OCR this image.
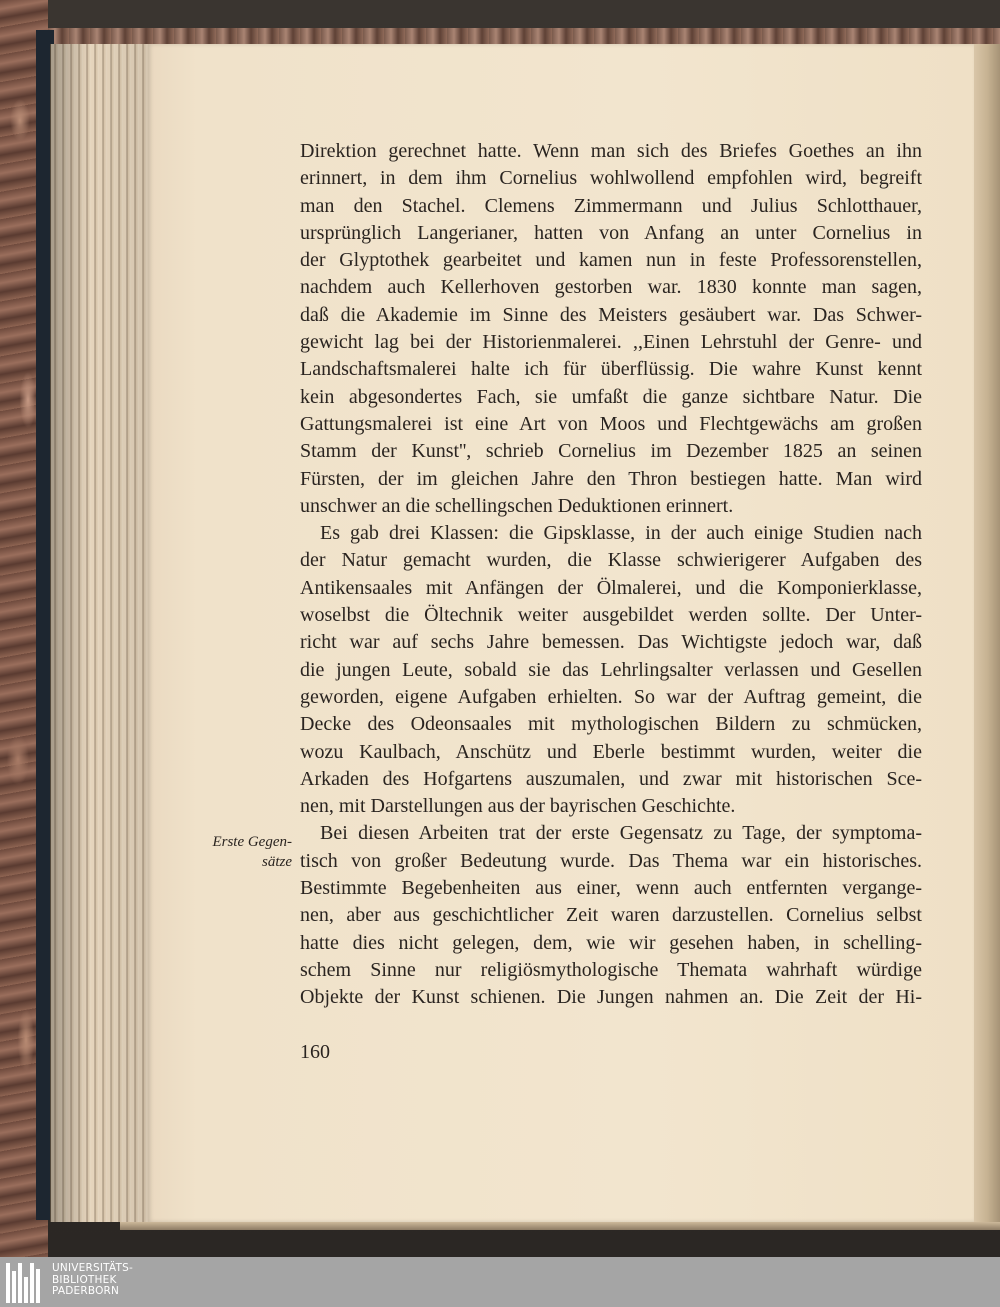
Erste Gegen-
sätze
Direktion gerechnet hatte. Wenn man sich des Briefes Goethes an ihn
erinnert, in dem ihm Cornelius wohlwollend empfohlen wird, begreift
man den Stachel. Clemens Zimmermann und Julius Schlotthauer,
ursprünglich Langerianer, hatten von Anfang an unter Cornelius in
der Glyptothek gearbeitet und kamen nun in feste Professorenstellen,
nachdem auch Kellerhoven gestorben war. 1830 konnte man sagen,
daß die Akademie im Sinne des Meisters gesäubert war. Das Schwer-
gewicht lag bei der Historienmalerei. ,,Einen Lehrstuhl der Genre- und
Landschaftsmalerei halte ich für überflüssig. Die wahre Kunst kennt
kein abgesondertes Fach, sie umfaßt die ganze sichtbare Natur. Die
Gattungsmalerei ist eine Art von Moos und Flechtgewächs am großen
Stamm der Kunst'', schrieb Cornelius im Dezember 1825 an seinen
Fürsten, der im gleichen Jahre den Thron bestiegen hatte. Man wird
unschwer an die schellingschen Deduktionen erinnert.
Es gab drei Klassen: die Gipsklasse, in der auch einige Studien nach
der Natur gemacht wurden, die Klasse schwierigerer Aufgaben des
Antikensaales mit Anfängen der Ölmalerei, und die Komponierklasse,
woselbst die Öltechnik weiter ausgebildet werden sollte. Der Unter-
richt war auf sechs Jahre bemessen. Das Wichtigste jedoch war, daß
die jungen Leute, sobald sie das Lehrlingsalter verlassen und Gesellen
geworden, eigene Aufgaben erhielten. So war der Auftrag gemeint, die
Decke des Odeonsaales mit mythologischen Bildern zu schmücken,
wozu Kaulbach, Anschütz und Eberle bestimmt wurden, weiter die
Arkaden des Hofgartens auszumalen, und zwar mit historischen Sce-
nen, mit Darstellungen aus der bayrischen Geschichte.
Bei diesen Arbeiten trat der erste Gegensatz zu Tage, der symptoma-
tisch von großer Bedeutung wurde. Das Thema war ein historisches.
Bestimmte Begebenheiten aus einer, wenn auch entfernten vergange-
nen, aber aus geschichtlicher Zeit waren darzustellen. Cornelius selbst
hatte dies nicht gelegen, dem, wie wir gesehen haben, in schelling-
schem Sinne nur religiösmythologische Themata wahrhaft würdige
Objekte der Kunst schienen. Die Jungen nahmen an. Die Zeit der Hi-
160
UNIVERSITÄTS-
BIBLIOTHEK
PADERBORN
